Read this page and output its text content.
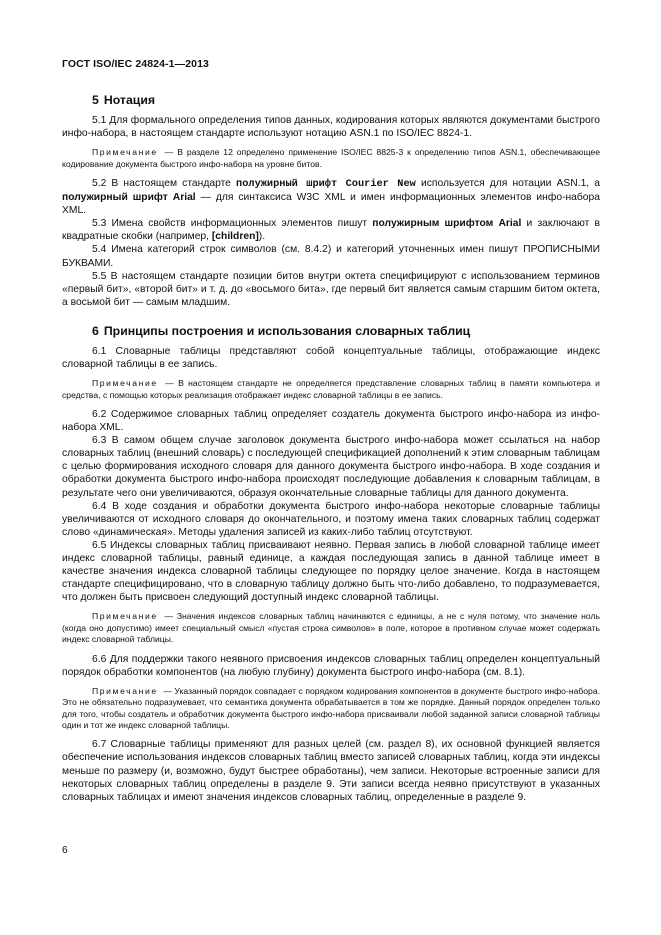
ГОСТ ISO/IEC 24824-1—2013
5 Нотация

5.1 Для формального определения типов данных, кодирования которых являются документами быстрого инфо-набора, в настоящем стандарте используют нотацию ASN.1 по ISO/IEC 8824-1.

Примечание — В разделе 12 определено применение ISO/IEC 8825-3 к определению типов ASN.1, обеспечивающее кодирование документа быстрого инфо-набора на уровне битов.

5.2 В настоящем стандарте полужирный шрифт Courier New используется для нотации ASN.1, а полужирный шрифт Arial — для синтаксиса W3C XML и имен информационных элементов инфо-набора XML.

5.3 Имена свойств информационных элементов пишут полужирным шрифтом Arial и заключают в квадратные скобки (например, [children]).

5.4 Имена категорий строк символов (см. 8.4.2) и категорий уточненных имен пишут ПРОПИСНЫМИ БУКВАМИ.

5.5 В настоящем стандарте позиции битов внутри октета специфицируют с использованием терминов «первый бит», «второй бит» и т. д. до «восьмого бита», где первый бит является самым старшим битом октета, а восьмой бит — самым младшим.

6 Принципы построения и использования словарных таблиц

6.1 Словарные таблицы представляют собой концептуальные таблицы, отображающие индекс словарной таблицы в ее запись.

Примечание — В настоящем стандарте не определяется представление словарных таблиц в памяти компьютера и средства, с помощью которых реализация отображает индекс словарной таблицы в ее запись.

6.2 Содержимое словарных таблиц определяет создатель документа быстрого инфо-набора из инфо-набора XML.

6.3 В самом общем случае заголовок документа быстрого инфо-набора может ссылаться на набор словарных таблиц (внешний словарь) с последующей спецификацией дополнений к этим словарным таблицам с целью формирования исходного словаря для данного документа быстрого инфо-набора. В ходе создания и обработки документа быстрого инфо-набора происходят последующие добавления к словарным таблицам, в результате чего они увеличиваются, образуя окончательные словарные таблицы для данного документа.

6.4 В ходе создания и обработки документа быстрого инфо-набора некоторые словарные таблицы увеличиваются от исходного словаря до окончательного, и поэтому имена таких словарных таблиц содержат слово «динамическая». Методы удаления записей из каких-либо таблиц отсутствуют.

6.5 Индексы словарных таблиц присваивают неявно. Первая запись в любой словарной таблице имеет индекс словарной таблицы, равный единице, а каждая последующая запись в данной таблице имеет в качестве значения индекса словарной таблицы следующее по порядку целое значение. Когда в настоящем стандарте специфицировано, что в словарную таблицу должно быть что-либо добавлено, то подразумевается, что должен быть присвоен следующий доступный индекс словарной таблицы.

Примечание — Значения индексов словарных таблиц начинаются с единицы, а не с нуля потому, что значение ноль (когда оно допустимо) имеет специальный смысл «пустая строка символов» в поле, которое в противном случае может содержать индекс словарной таблицы.

6.6 Для поддержки такого неявного присвоения индексов словарных таблиц определен концептуальный порядок обработки компонентов (на любую глубину) документа быстрого инфо-набора (см. 8.1).

Примечание — Указанный порядок совпадает с порядком кодирования компонентов в документе быстрого инфо-набора. Это не обязательно подразумевает, что семантика документа обрабатывается в том же порядке. Данный порядок определен только для того, чтобы создатель и обработчик документа быстрого инфо-набора присваивали любой заданной записи словарной таблицы один и тот же индекс словарной таблицы.

6.7 Словарные таблицы применяют для разных целей (см. раздел 8), их основной функцией является обеспечение использования индексов словарных таблиц вместо записей словарных таблиц, когда эти индексы меньше по размеру (и, возможно, будут быстрее обработаны), чем записи. Некоторые встроенные записи для некоторых словарных таблиц определены в разделе 9. Эти записи всегда неявно присутствуют в указанных словарных таблицах и имеют значения индексов словарных таблиц, определенные в разделе 9.

6
